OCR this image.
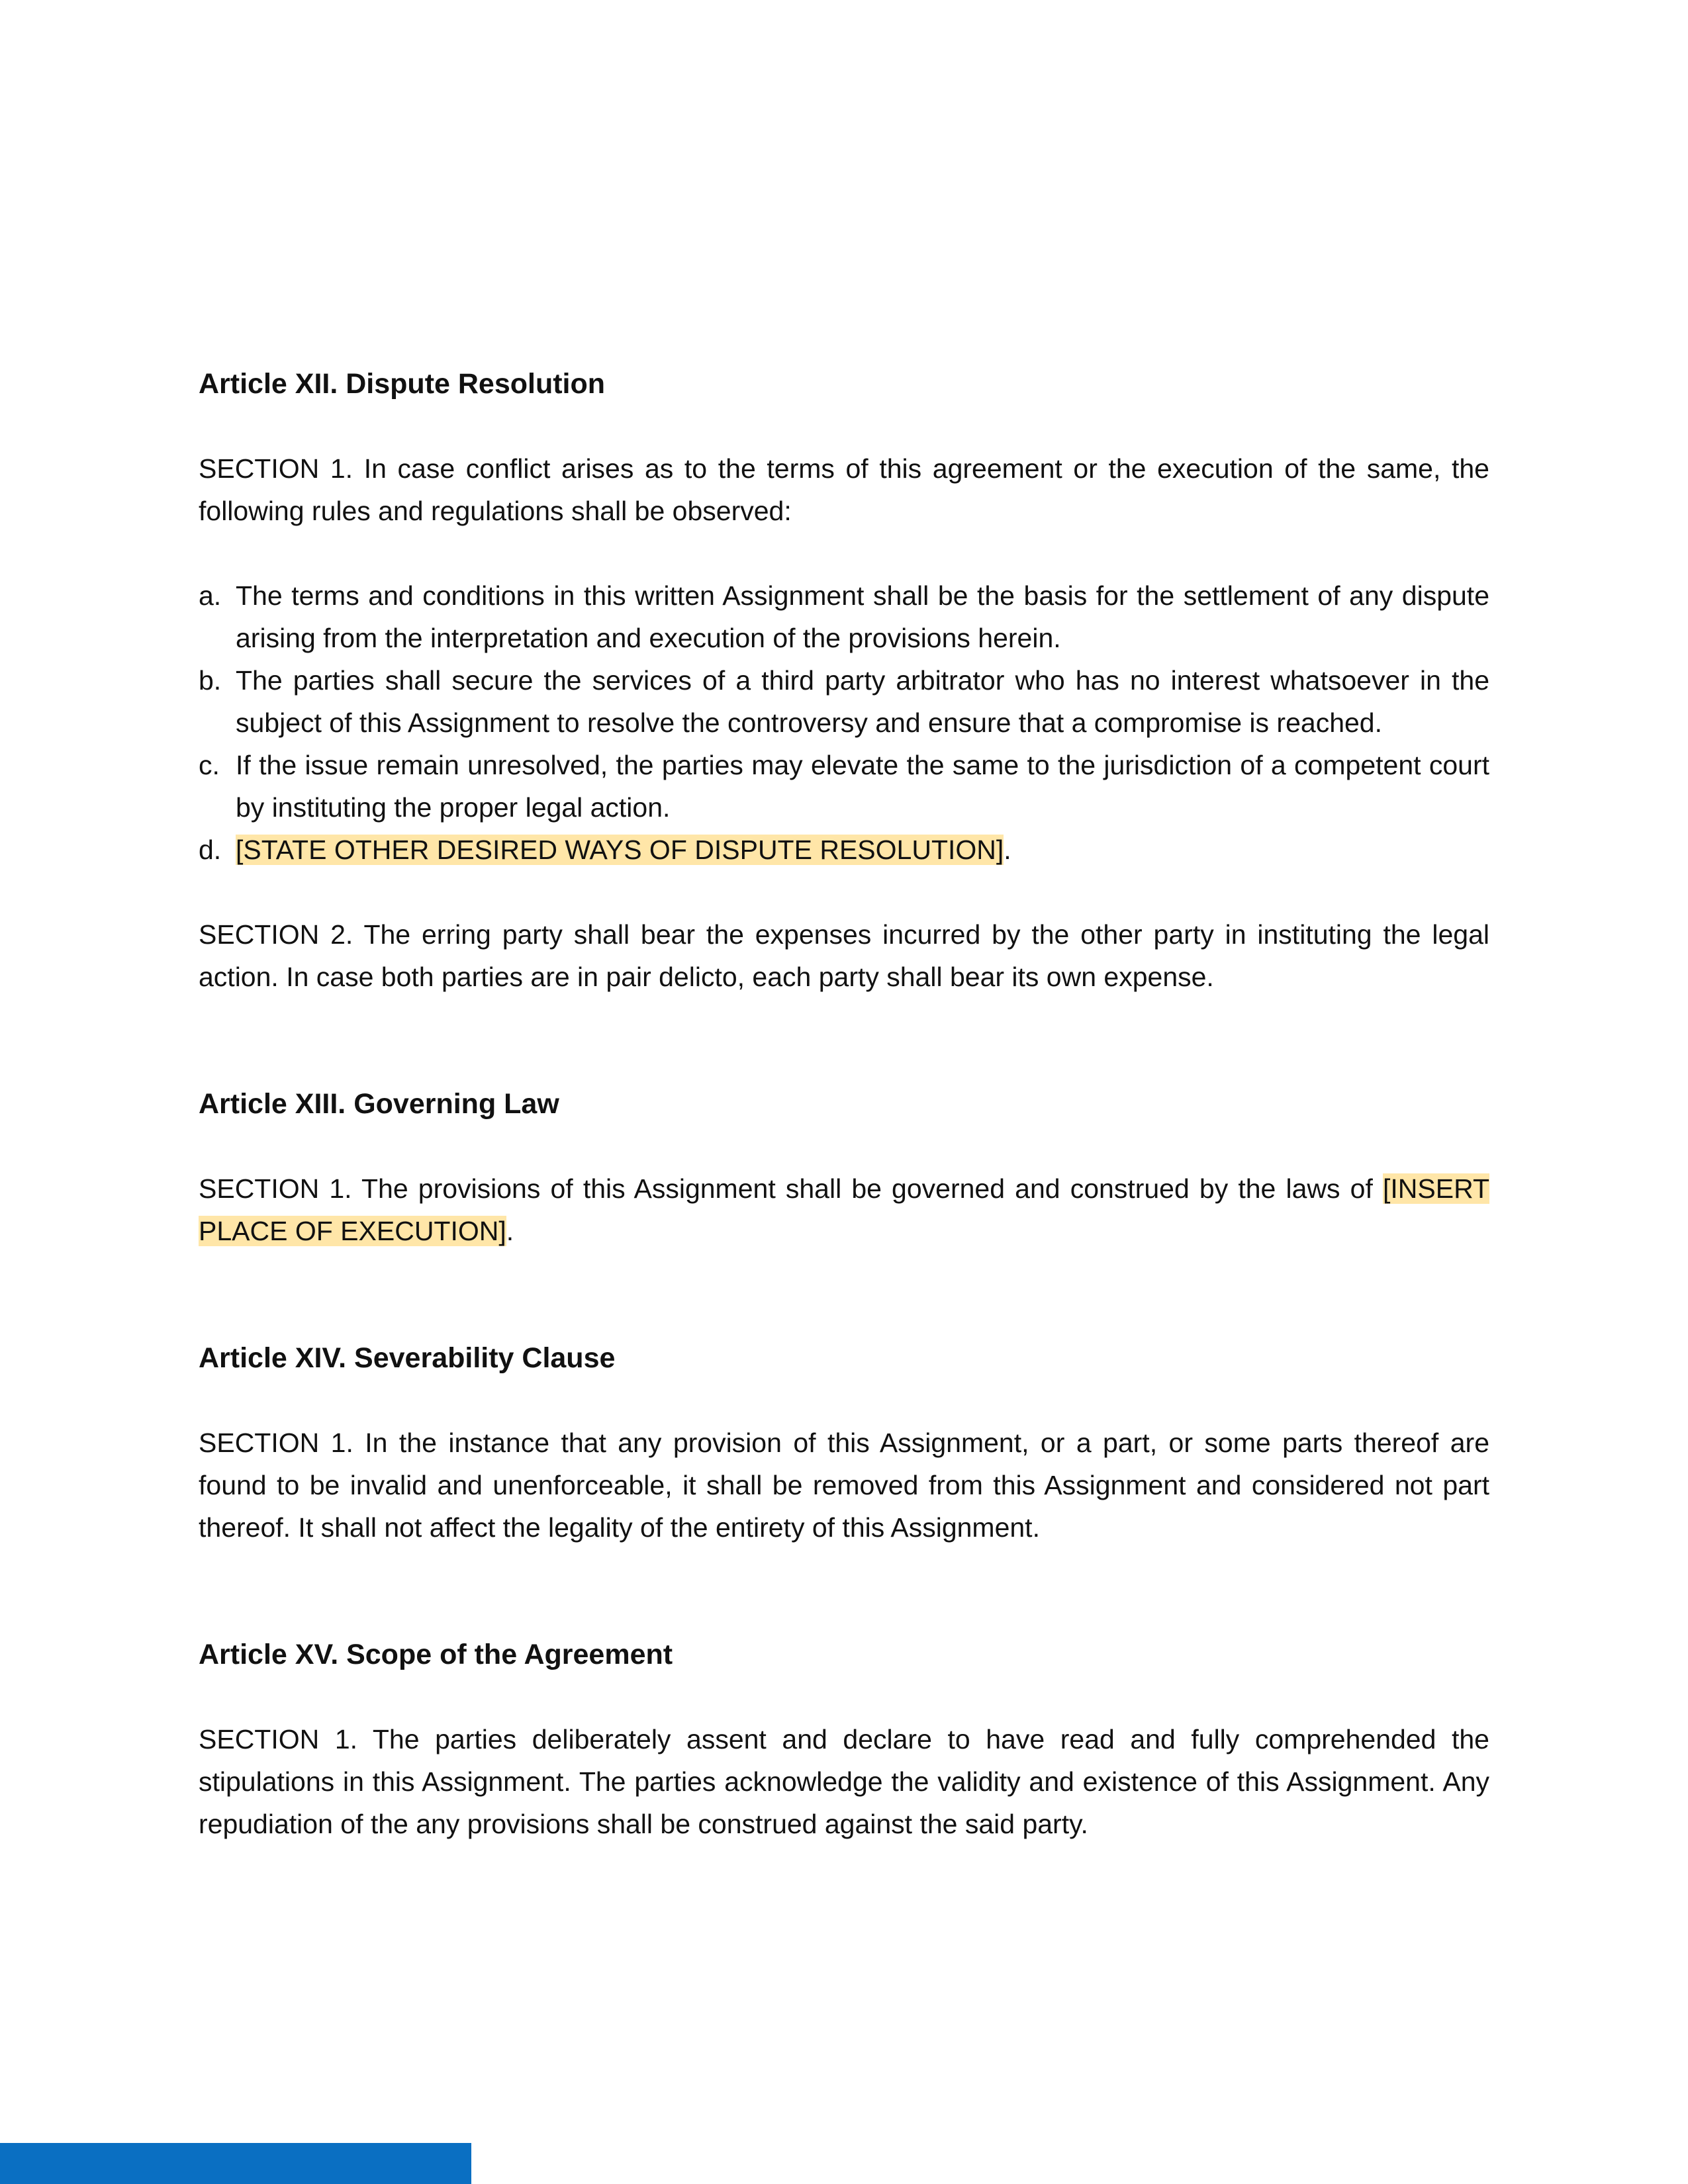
Article XII. Dispute Resolution

SECTION 1. In case conflict arises as to the terms of this agreement or the execution of the same, the following rules and regulations shall be observed:

a. The terms and conditions in this written Assignment shall be the basis for the settlement of any dispute arising from the interpretation and execution of the provisions herein.
b. The parties shall secure the services of a third party arbitrator who has no interest whatsoever in the subject of this Assignment to resolve the controversy and ensure that a compromise is reached.
c. If the issue remain unresolved, the parties may elevate the same to the jurisdiction of a competent court by instituting the proper legal action.
d. [STATE OTHER DESIRED WAYS OF DISPUTE RESOLUTION].

SECTION 2. The erring party shall bear the expenses incurred by the other party in instituting the legal action. In case both parties are in pair delicto, each party shall bear its own expense.

Article XIII. Governing Law

SECTION 1. The provisions of this Assignment shall be governed and construed by the laws of [INSERT PLACE OF EXECUTION].

Article XIV. Severability Clause

SECTION 1. In the instance that any provision of this Assignment, or a part, or some parts thereof are found to be invalid and unenforceable, it shall be removed from this Assignment and considered not part thereof. It shall not affect the legality of the entirety of this Assignment.

Article XV. Scope of the Agreement

SECTION 1. The parties deliberately assent and declare to have read and fully comprehended the stipulations in this Assignment. The parties acknowledge the validity and existence of this Assignment. Any repudiation of the any provisions shall be construed against the said party.
